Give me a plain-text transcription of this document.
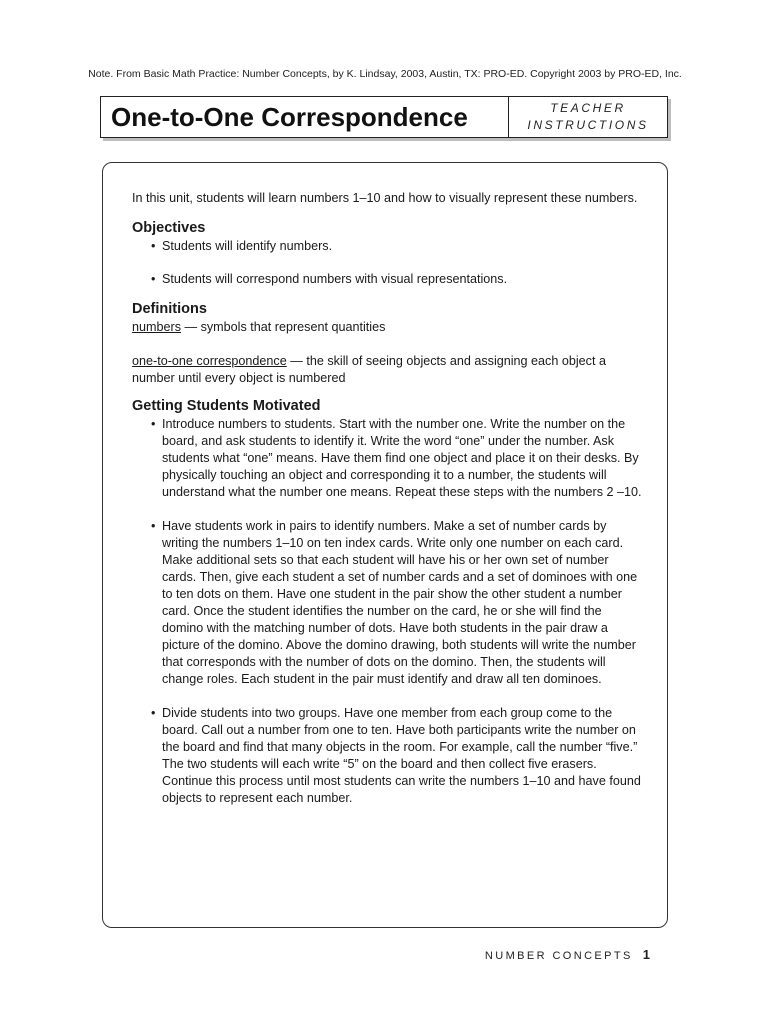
Note. From Basic Math Practice: Number Concepts, by K. Lindsay, 2003, Austin, TX: PRO-ED. Copyright 2003 by PRO-ED, Inc.
One-to-One Correspondence	TEACHER
INSTRUCTIONS

In this unit, students will learn numbers 1–10 and how to visually represent these numbers.

Objectives
• Students will identify numbers.
• Students will correspond numbers with visual representations.
Definitions

numbers — symbols that represent quantities

one-to-one correspondence — the skill of seeing objects and assigning each object a number until every object is numbered

Getting Students Motivated
• Introduce numbers to students. Start with the number one. Write the number on the board, and ask students to identify it. Write the word “one” under the number. Ask students what “one” means. Have them find one object and place it on their desks. By physically touching an object and corresponding it to a number, the students will understand what the number one means. Repeat these steps with the numbers 2 –10.
• Have students work in pairs to identify numbers. Make a set of number cards by writing the numbers 1–10 on ten index cards. Write only one number on each card. Make additional sets so that each student will have his or her own set of number cards. Then, give each student a set of number cards and a set of dominoes with one to ten dots on them. Have one student in the pair show the other student a number card. Once the student identifies the number on the card, he or she will find the domino with the matching number of dots. Have both students in the pair draw a picture of the domino. Above the domino drawing, both students will write the number that corresponds with the number of dots on the domino. Then, the students will change roles. Each student in the pair must identify and draw all ten dominoes.
• Divide students into two groups. Have one member from each group come to the board. Call out a number from one to ten. Have both participants write the number on the board and find that many objects in the room. For example, call the number “five.” The two students will each write “5” on the board and then collect five erasers. Continue this process until most students can write the numbers 1–10 and have found objects to represent each number.
NUMBER CONCEPTS 1
